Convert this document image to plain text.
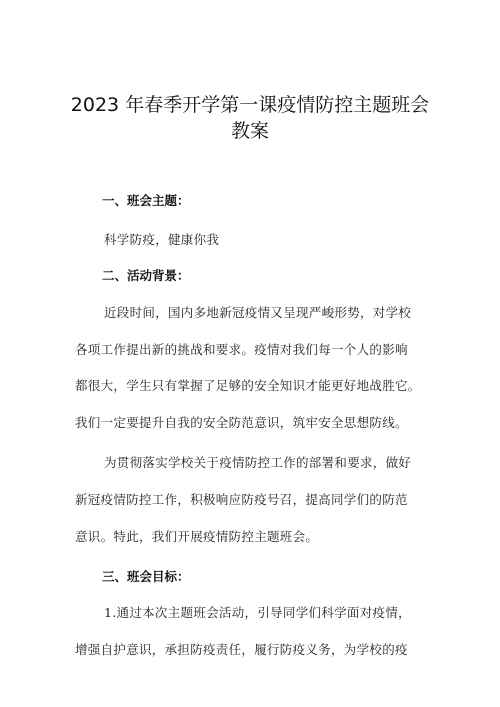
2023 年春季开学第一课疫情防控主题班会
教案

一、班会主题：

科学防疫，健康你我

二、活动背景：

近段时间，国内多地新冠疫情又呈现严峻形势，对学校

各项工作提出新的挑战和要求。疫情对我们每一个人的影响

都很大，学生只有掌握了足够的安全知识才能更好地战胜它。

我们一定要提升自我的安全防范意识，筑牢安全思想防线。

为贯彻落实学校关于疫情防控工作的部署和要求，做好

新冠疫情防控工作，积极响应防疫号召，提高同学们的防范

意识。特此，我们开展疫情防控主题班会。

三、班会目标：

1.通过本次主题班会活动，引导同学们科学面对疫情，

增强自护意识，承担防疫责任，履行防疫义务，为学校的疫
